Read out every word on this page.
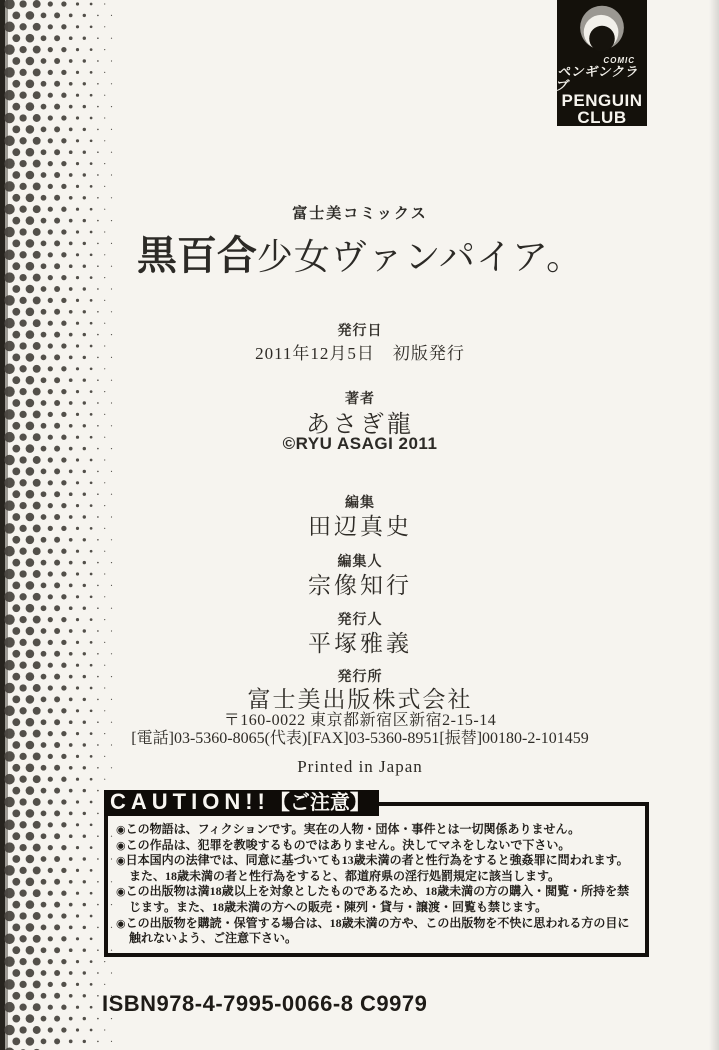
COMIC
ペンギンクラブ
PENGUIN
CLUB
富士美コミックス
黒百合少女ヴァンパイア。
発行日
2011年12月5日　初版発行
著者
あさぎ龍
©RYU ASAGI 2011
編集
田辺真史
編集人
宗像知行
発行人
平塚雅義
発行所
富士美出版株式会社
〒160-0022 東京都新宿区新宿2-15-14
[電話]03-5360-8065(代表)[FAX]03-5360-8951[振替]00180-2-101459
Printed in Japan
CAUTION!!【ご注意】
◉この物語は、フィクションです。実在の人物・団体・事件とは一切関係ありません。
◉この作品は、犯罪を教唆するものではありません。決してマネをしないで下さい。
◉日本国内の法律では、同意に基づいても13歳未満の者と性行為をすると強姦罪に問われます。また、18歳未満の者と性行為をすると、都道府県の淫行処罰規定に該当します。
◉この出版物は満18歳以上を対象としたものであるため、18歳未満の方の購入・閲覧・所持を禁じます。また、18歳未満の方への販売・陳列・貸与・譲渡・回覧も禁じます。
◉この出版物を購読・保管する場合は、18歳未満の方や、この出版物を不快に思われる方の目に触れないよう、ご注意下さい。
ISBN978-4-7995-0066-8 C9979
